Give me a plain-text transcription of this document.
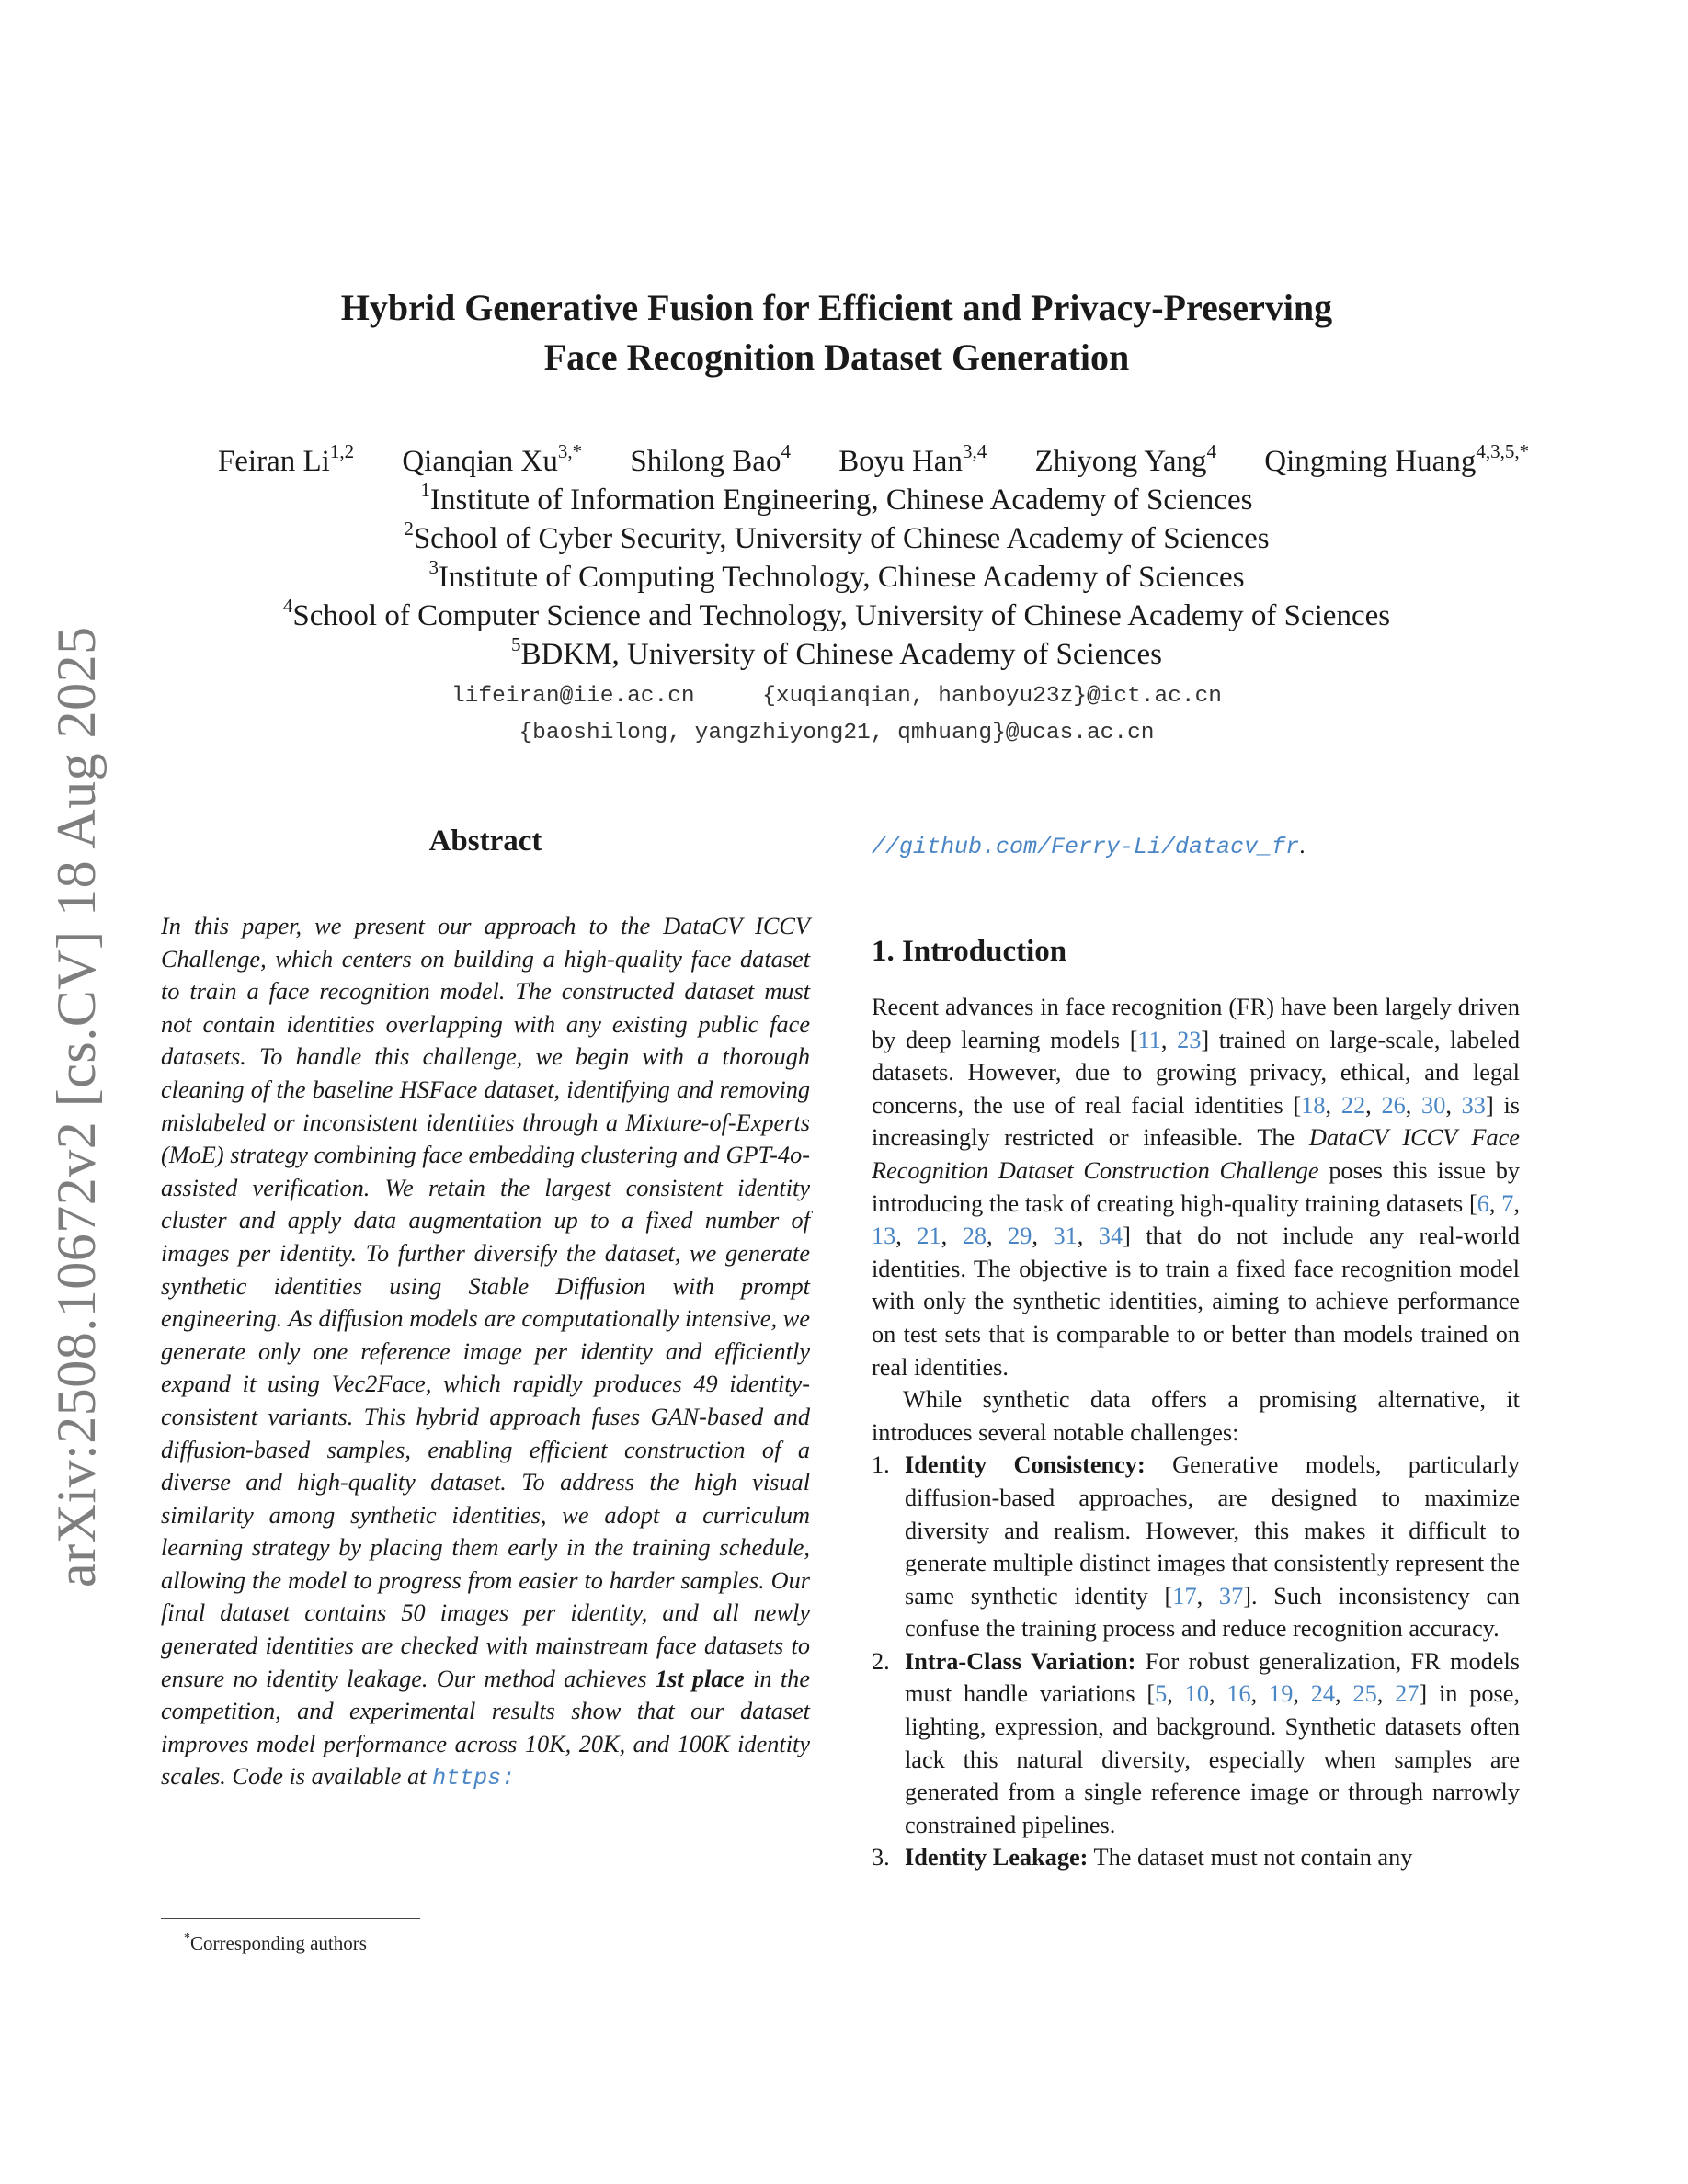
arXiv:2508.10672v2 [cs.CV] 18 Aug 2025
Hybrid Generative Fusion for Efficient and Privacy-Preserving
Face Recognition Dataset Generation
Feiran Li$^{1,2}$ Qianqian $Xu^{3,*}$ Shilong Bao$^4$ Boyu Han$^{3,4}$ Zhiyong Yang$^4$ Qingming Huang$^{4,3,5,*}$
$^1$Institute of Information Engineering, Chinese Academy of Sciences
$^2$School of Cyber Security, University of Chinese Academy of Sciences
$^3$Institute of Computing Technology, Chinese Academy of Sciences
$^4$School of Computer Science and Technology, University of Chinese Academy of Sciences
$^5$BDKM, University of Chinese Academy of Sciences
lifeiran@iie.ac.cn     {xuqianqian, hanboyu23z}@ict.ac.cn
{baoshilong, yangzhiyong21, qmhuang}@ucas.ac.cn
Abstract
In this paper, we present our approach to the DataCV ICCV Challenge, which centers on building a high-quality face dataset to train a face recognition model. The constructed dataset must not contain identities overlapping with any existing public face datasets. To handle this challenge, we begin with a thorough cleaning of the baseline HSFace dataset, identifying and removing mislabeled or inconsistent identities through a Mixture-of-Experts (MoE) strategy combining face embedding clustering and GPT-4o-assisted verification. We retain the largest consistent identity cluster and apply data augmentation up to a fixed number of images per identity. To further diversify the dataset, we generate synthetic identities using Stable Diffusion with prompt engineering. As diffusion models are computationally intensive, we generate only one reference image per identity and efficiently expand it using Vec2Face, which rapidly produces 49 identity-consistent variants. This hybrid approach fuses GAN-based and diffusion-based samples, enabling efficient construction of a diverse and high-quality dataset. To address the high visual similarity among synthetic identities, we adopt a curriculum learning strategy by placing them early in the training schedule, allowing the model to progress from easier to harder samples. Our final dataset contains 50 images per identity, and all newly generated identities are checked with mainstream face datasets to ensure no identity leakage. Our method achieves 1st place in the competition, and experimental results show that our dataset improves model performance across 10K, 20K, and 100K identity scales. Code is available at https:
//github.com/Ferry-Li/datacv_fr.
*Corresponding authors
1. Introduction

Recent advances in face recognition (FR) have been largely driven by deep learning models [11, 23] trained on large-scale, labeled datasets. However, due to growing privacy, ethical, and legal concerns, the use of real facial identities [18, 22, 26, 30, 33] is increasingly restricted or infeasible. The DataCV ICCV Face Recognition Dataset Construction Challenge poses this issue by introducing the task of creating high-quality training datasets [6, 7, 13, 21, 28, 29, 31, 34] that do not include any real-world identities. The objective is to train a fixed face recognition model with only the synthetic identities, aiming to achieve performance on test sets that is comparable to or better than models trained on real identities.

While synthetic data offers a promising alternative, it introduces several notable challenges:

1. Identity Consistency: Generative models, particularly diffusion-based approaches, are designed to maximize diversity and realism. However, this makes it difficult to generate multiple distinct images that consistently represent the same synthetic identity [17, 37]. Such inconsistency can confuse the training process and reduce recognition accuracy.
2. Intra-Class Variation: For robust generalization, FR models must handle variations [5, 10, 16, 19, 24, 25, 27] in pose, lighting, expression, and background. Synthetic datasets often lack this natural diversity, especially when samples are generated from a single reference image or through narrowly constrained pipelines.
3. Identity Leakage: The dataset must not contain any
